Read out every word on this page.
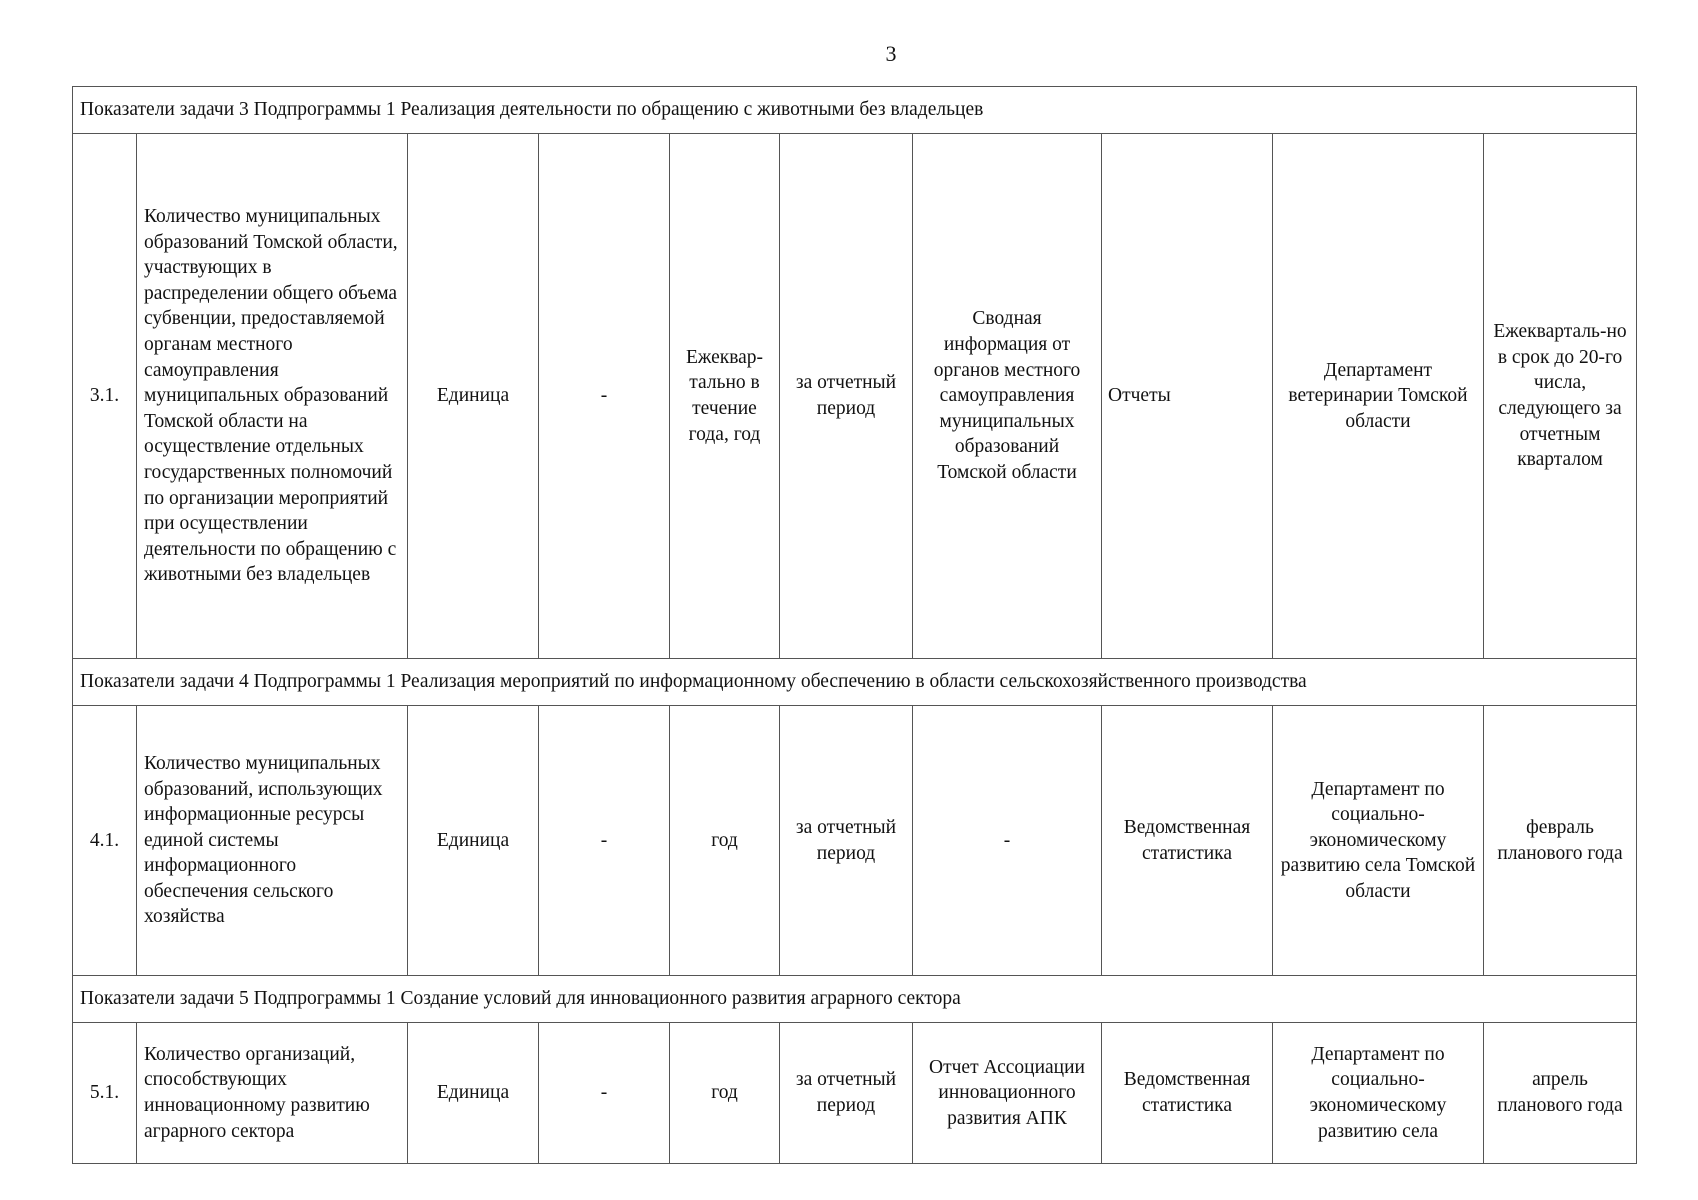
3
Показатели задачи 3 Подпрограммы 1 Реализация деятельности по обращению с животными без владельцев									
3.1.	Количество муниципальных образований Томской области, участвующих в распределении общего объема субвенции, предоставляемой органам местного самоуправления муниципальных образований Томской области на осуществление отдельных государственных полномочий по организации мероприятий при осуществлении деятельности по обращению с животными без владельцев	Единица	-	Ежеквар-тально в течение года, год	за отчетный период	Сводная информация от органов местного самоуправления муниципальных образований Томской области	Отчеты	Департамент ветеринарии Томской области	Ежекварталь-но в срок до 20-го числа, следующего за отчетным кварталом
Показатели задачи 4 Подпрограммы 1 Реализация мероприятий по информационному обеспечению в области сельскохозяйственного производства									
4.1.	Количество муниципальных образований, использующих информационные ресурсы единой системы информационного обеспечения сельского хозяйства	Единица	-	год	за отчетный период	-	Ведомственная статистика	Департамент по социально-экономическому развитию села Томской области	февраль планового года
Показатели задачи 5 Подпрограммы 1 Создание условий для инновационного развития аграрного сектора									
5.1.	Количество организаций, способствующих инновационному развитию аграрного сектора	Единица	-	год	за отчетный период	Отчет Ассоциации инновационного развития АПК	Ведомственная статистика	Департамент по социально-экономическому развитию села	апрель планового года
